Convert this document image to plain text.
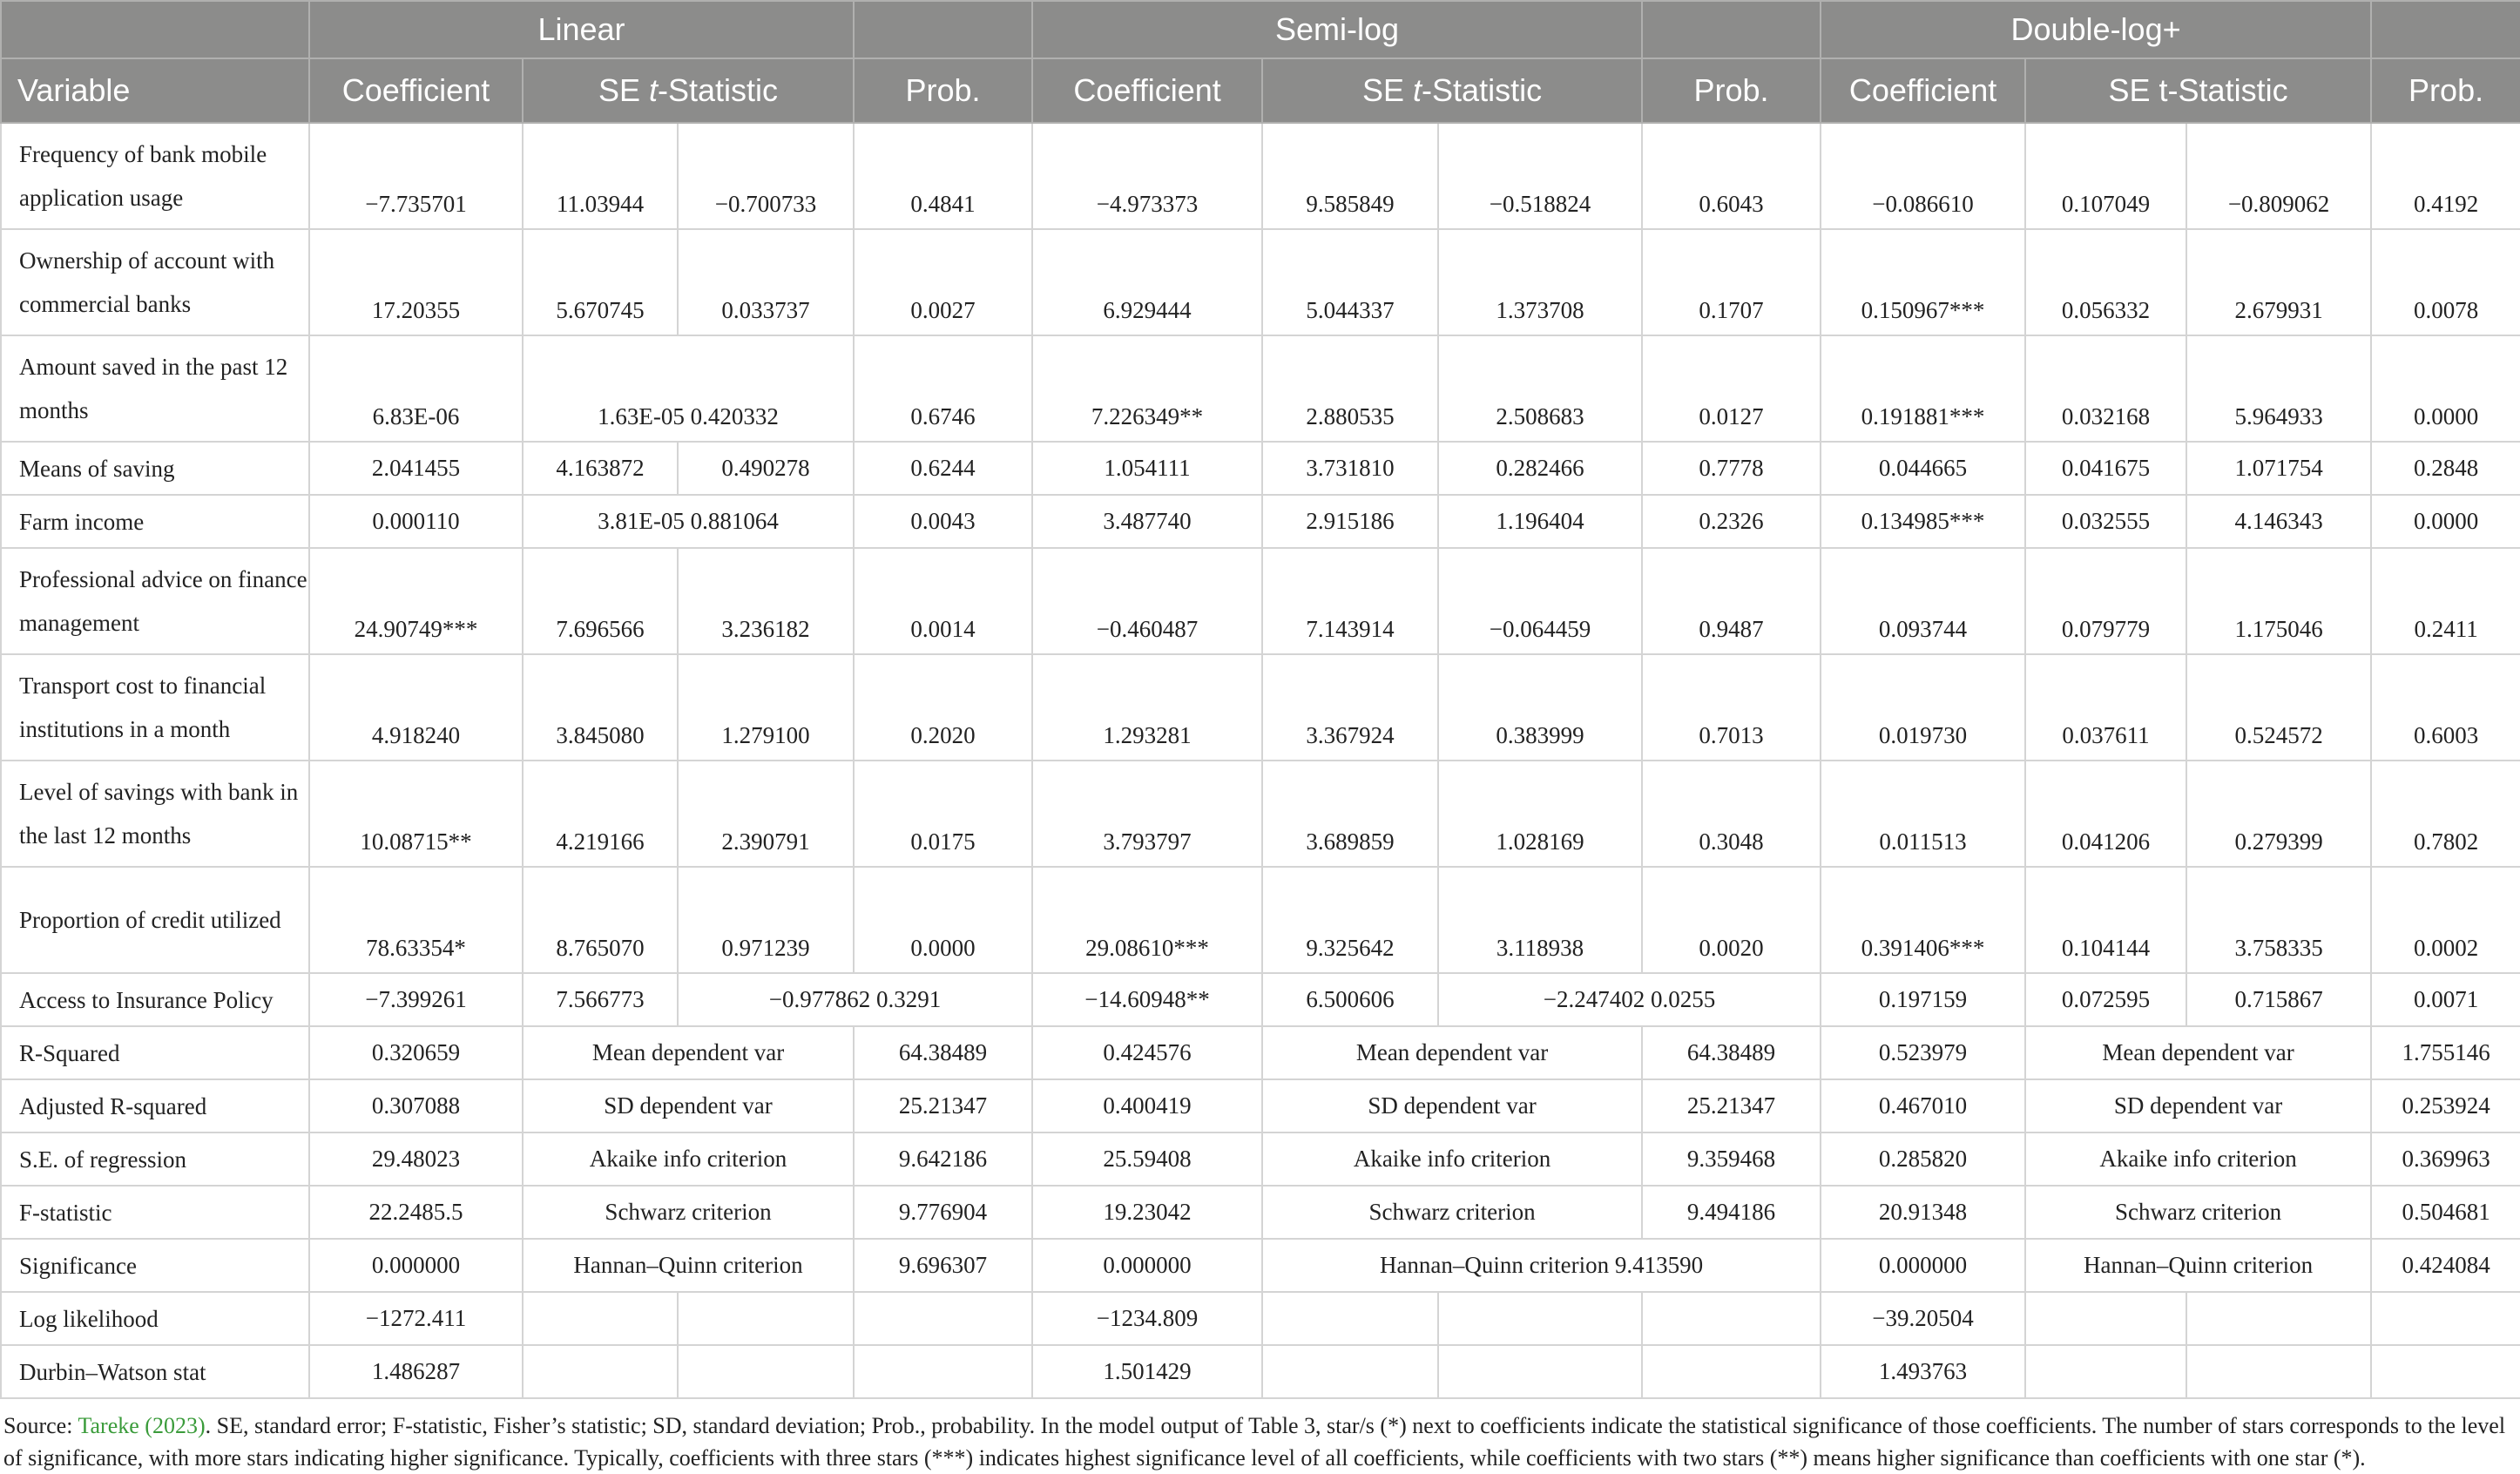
	Linear				Semi-log				Double-log+			
Variable	Coefficient	SE t-Statistic		Prob.	Coefficient	SE t-Statistic		Prob.	Coefficient	SE t-Statistic		Prob.
Frequency of bank mobile application usage	−7.735701	11.03944	−0.700733	0.4841	−4.973373	9.585849	−0.518824	0.6043	−0.086610	0.107049	−0.809062	0.4192
Ownership of account with commercial banks	17.20355	5.670745	0.033737	0.0027	6.929444	5.044337	1.373708	0.1707	0.150967***	0.056332	2.679931	0.0078
Amount saved in the past 12 months	6.83E-06	1.63E-05 0.420332		0.6746	7.226349**	2.880535	2.508683	0.0127	0.191881***	0.032168	5.964933	0.0000
Means of saving	2.041455	4.163872	0.490278	0.6244	1.054111	3.731810	0.282466	0.7778	0.044665	0.041675	1.071754	0.2848
Farm income	0.000110	3.81E-05 0.881064		0.0043	3.487740	2.915186	1.196404	0.2326	0.134985***	0.032555	4.146343	0.0000
Professional advice on finance management	24.90749***	7.696566	3.236182	0.0014	−0.460487	7.143914	−0.064459	0.9487	0.093744	0.079779	1.175046	0.2411
Transport cost to financial institutions in a month	4.918240	3.845080	1.279100	0.2020	1.293281	3.367924	0.383999	0.7013	0.019730	0.037611	0.524572	0.6003
Level of savings with bank in the last 12 months	10.08715**	4.219166	2.390791	0.0175	3.793797	3.689859	1.028169	0.3048	0.011513	0.041206	0.279399	0.7802
Proportion of credit utilized	78.63354*	8.765070	0.971239	0.0000	29.08610***	9.325642	3.118938	0.0020	0.391406***	0.104144	3.758335	0.0002
Access to Insurance Policy	−7.399261	7.566773	−0.977862 0.3291		−14.60948**	6.500606	−2.247402 0.0255		0.197159	0.072595	0.715867	0.0071
R-Squared	0.320659	Mean dependent var		64.38489	0.424576	Mean dependent var		64.38489	0.523979	Mean dependent var		1.755146
Adjusted R-squared	0.307088	SD dependent var		25.21347	0.400419	SD dependent var		25.21347	0.467010	SD dependent var		0.253924
S.E. of regression	29.48023	Akaike info criterion		9.642186	25.59408	Akaike info criterion		9.359468	0.285820	Akaike info criterion		0.369963
F-statistic	22.2485.5	Schwarz criterion		9.776904	19.23042	Schwarz criterion		9.494186	20.91348	Schwarz criterion		0.504681
Significance	0.000000	Hannan–Quinn criterion		9.696307	0.000000	Hannan–Quinn criterion 9.413590			0.000000	Hannan–Quinn criterion		0.424084
Log likelihood	−1272.411				−1234.809				−39.20504			
Durbin–Watson stat	1.486287				1.501429				1.493763			
Source: Tareke (2023). SE, standard error; F-statistic, Fisher’s statistic; SD, standard deviation; Prob., probability. In the model output of Table 3, star/s (*) next to coefficients indicate the statistical significance of those coefficients. The number of stars corresponds to the level of significance, with more stars indicating higher significance. Typically, coefficients with three stars (***) indicates highest significance level of all coefficients, while coefficients with two stars (**) means higher significance than coefficients with one star (*).
